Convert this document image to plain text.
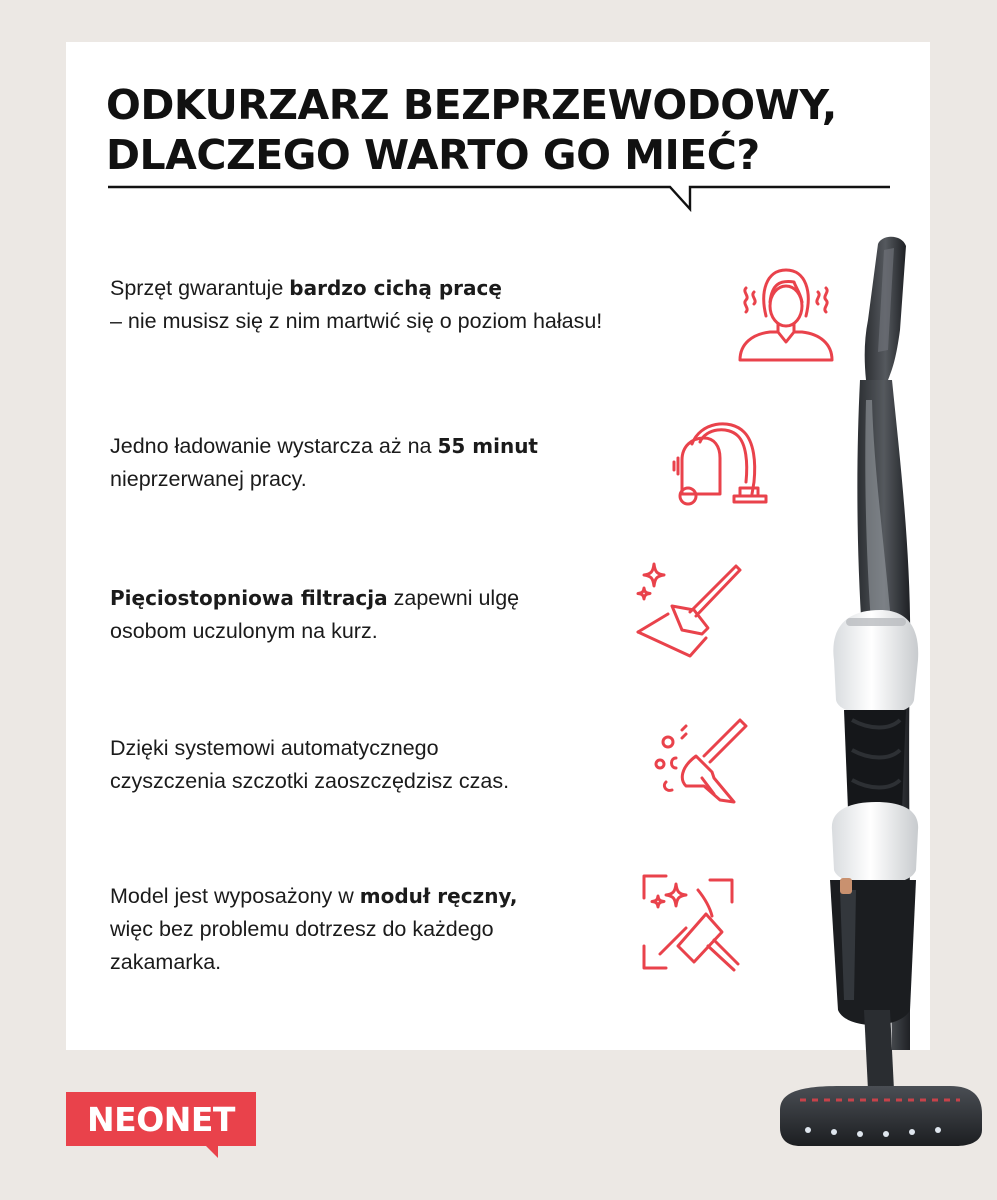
ODKURZARZ BEZPRZEWODOWY,
DLACZEGO WARTO GO MIEĆ?
Sprzęt gwarantuje bardzo cichą pracę
– nie musisz się z nim martwić się o poziom hałasu!
Jedno ładowanie wystarcza aż na 55 minut
nieprzerwanej pracy.
Pięciostopniowa filtracja zapewni ulgę
osobom uczulonym na kurz.
Dzięki systemowi automatycznego
czyszczenia szczotki zaoszczędzisz czas.
Model jest wyposażony w moduł ręczny,
więc bez problemu dotrzesz do każdego
zakamarka.
NEONET
